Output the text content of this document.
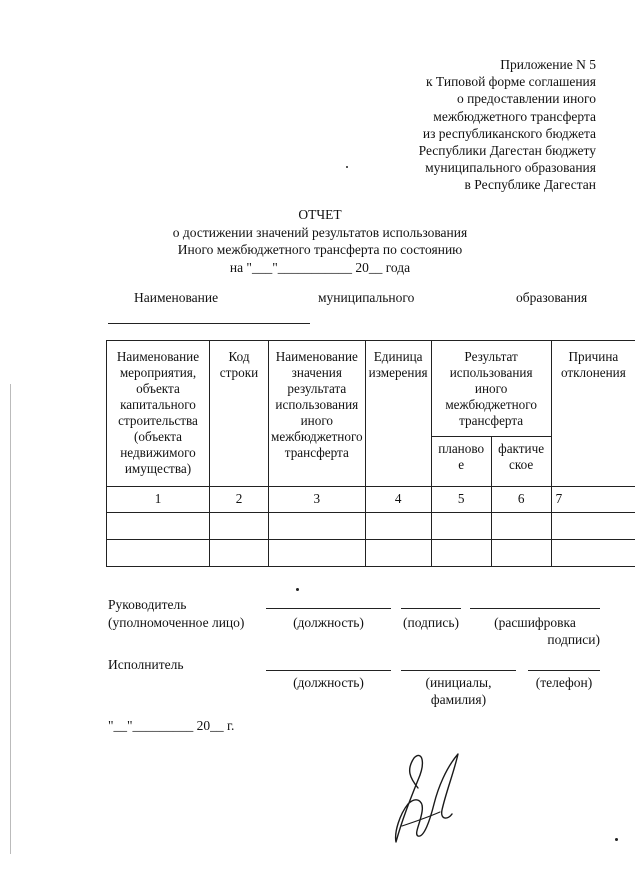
Приложение N 5
к Типовой форме соглашения
о предоставлении иного
межбюджетного трансферта
из республиканского бюджета
Республики Дагестан бюджету
муниципального образования
в Республике Дагестан
ОТЧЕТ
о достижении значений результатов использования
Иного межбюджетного трансферта по состоянию
на "___"___________ 20__ года
Наименование	муниципального	образования
Наименование мероприятия, объекта капитального строительства (объекта недвижимого имущества)	Код строки	Наименование значения результата использования иного межбюджетного трансферта	Единица измерения	Результат использования иного межбюджетного трансферта		Причина отклонения
				планово е	фактиче ское	
1	2	3	4	5	6	7

Руководитель
(уполномоченное лицо)	(должность)	(подпись)	(расшифровка
подписи)
Исполнитель
(должность)	(инициалы,
фамилия)
(телефон)
"__"_________ 20__ г.
